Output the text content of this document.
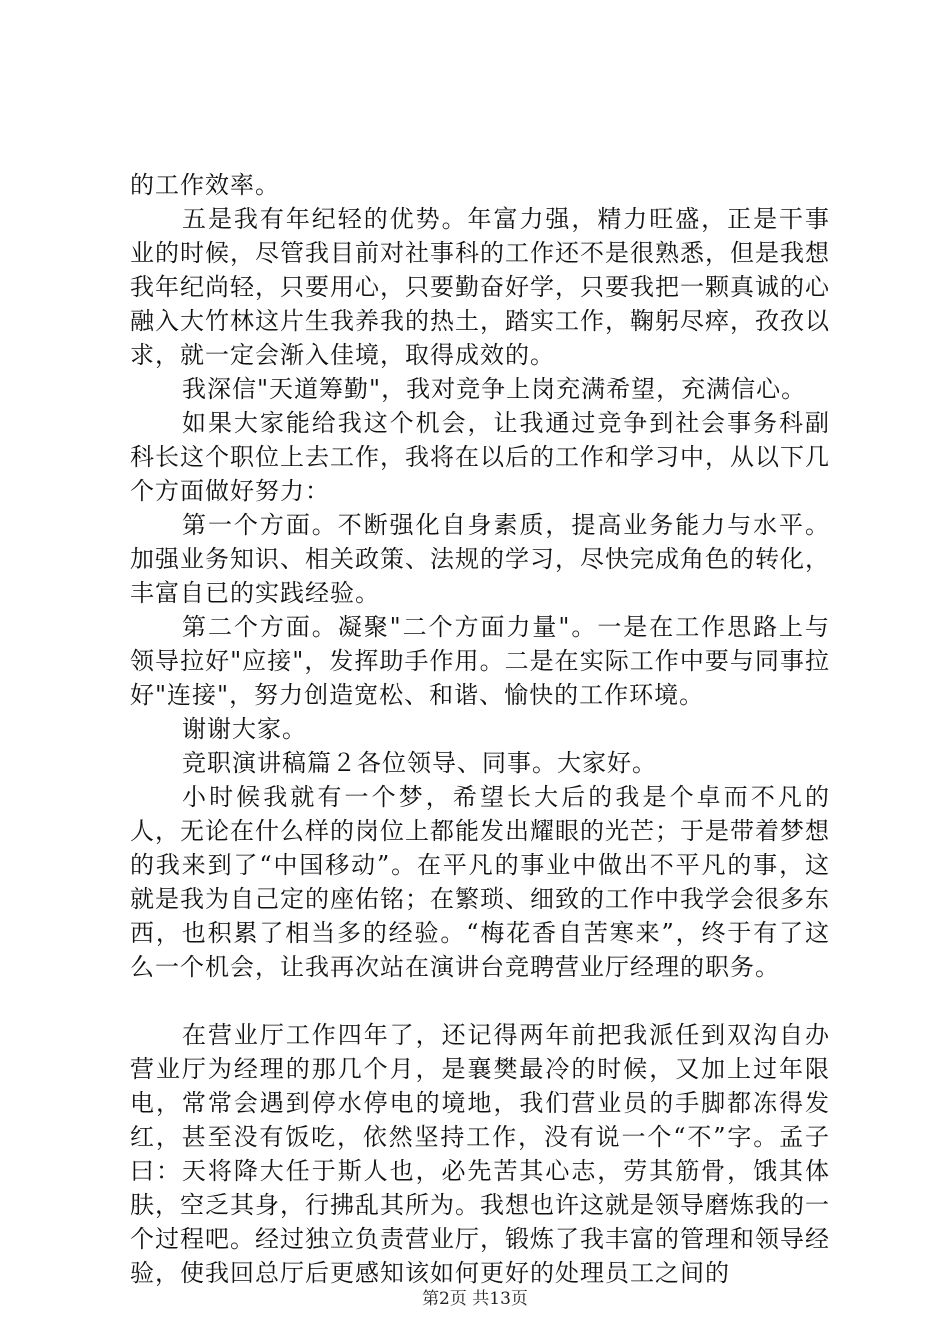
的工作效率。

五是我有年纪轻的优势。年富力强，精力旺盛，正是干事业的时候，尽管我目前对社事科的工作还不是很熟悉，但是我想我年纪尚轻，只要用心，只要勤奋好学，只要我把一颗真诚的心融入大竹林这片生我养我的热土，踏实工作，鞠躬尽瘁，孜孜以求，就一定会渐入佳境，取得成效的。

我深信"天道筹勤"，我对竞争上岗充满希望，充满信心。

如果大家能给我这个机会，让我通过竞争到社会事务科副科长这个职位上去工作，我将在以后的工作和学习中，从以下几个方面做好努力：

第一个方面。不断强化自身素质，提高业务能力与水平。加强业务知识、相关政策、法规的学习，尽快完成角色的转化，丰富自已的实践经验。

第二个方面。凝聚"二个方面力量"。一是在工作思路上与领导拉好"应接"，发挥助手作用。二是在实际工作中要与同事拉好"连接"，努力创造宽松、和谐、愉快的工作环境。

谢谢大家。

竞职演讲稿篇２各位领导、同事。大家好。

小时候我就有一个梦，希望长大后的我是个卓而不凡的人，无论在什么样的岗位上都能发出耀眼的光芒；于是带着梦想的我来到了“中国移动”。在平凡的事业中做出不平凡的事，这就是我为自己定的座佑铭；在繁琐、细致的工作中我学会很多东西，也积累了相当多的经验。“梅花香自苦寒来”，终于有了这么一个机会，让我再次站在演讲台竞聘营业厅经理的职务。

在营业厅工作四年了，还记得两年前把我派任到双沟自办营业厅为经理的那几个月，是襄樊最冷的时候，又加上过年限电，常常会遇到停水停电的境地，我们营业员的手脚都冻得发红，甚至没有饭吃，依然坚持工作，没有说一个“不”字。孟子曰：天将降大任于斯人也，必先苦其心志，劳其筋骨，饿其体肤，空乏其身，行拂乱其所为。我想也许这就是领导磨炼我的一个过程吧。经过独立负责营业厅，锻炼了我丰富的管理和领导经验，使我回总厅后更感知该如何更好的处理员工之间的

第2页 共13页
